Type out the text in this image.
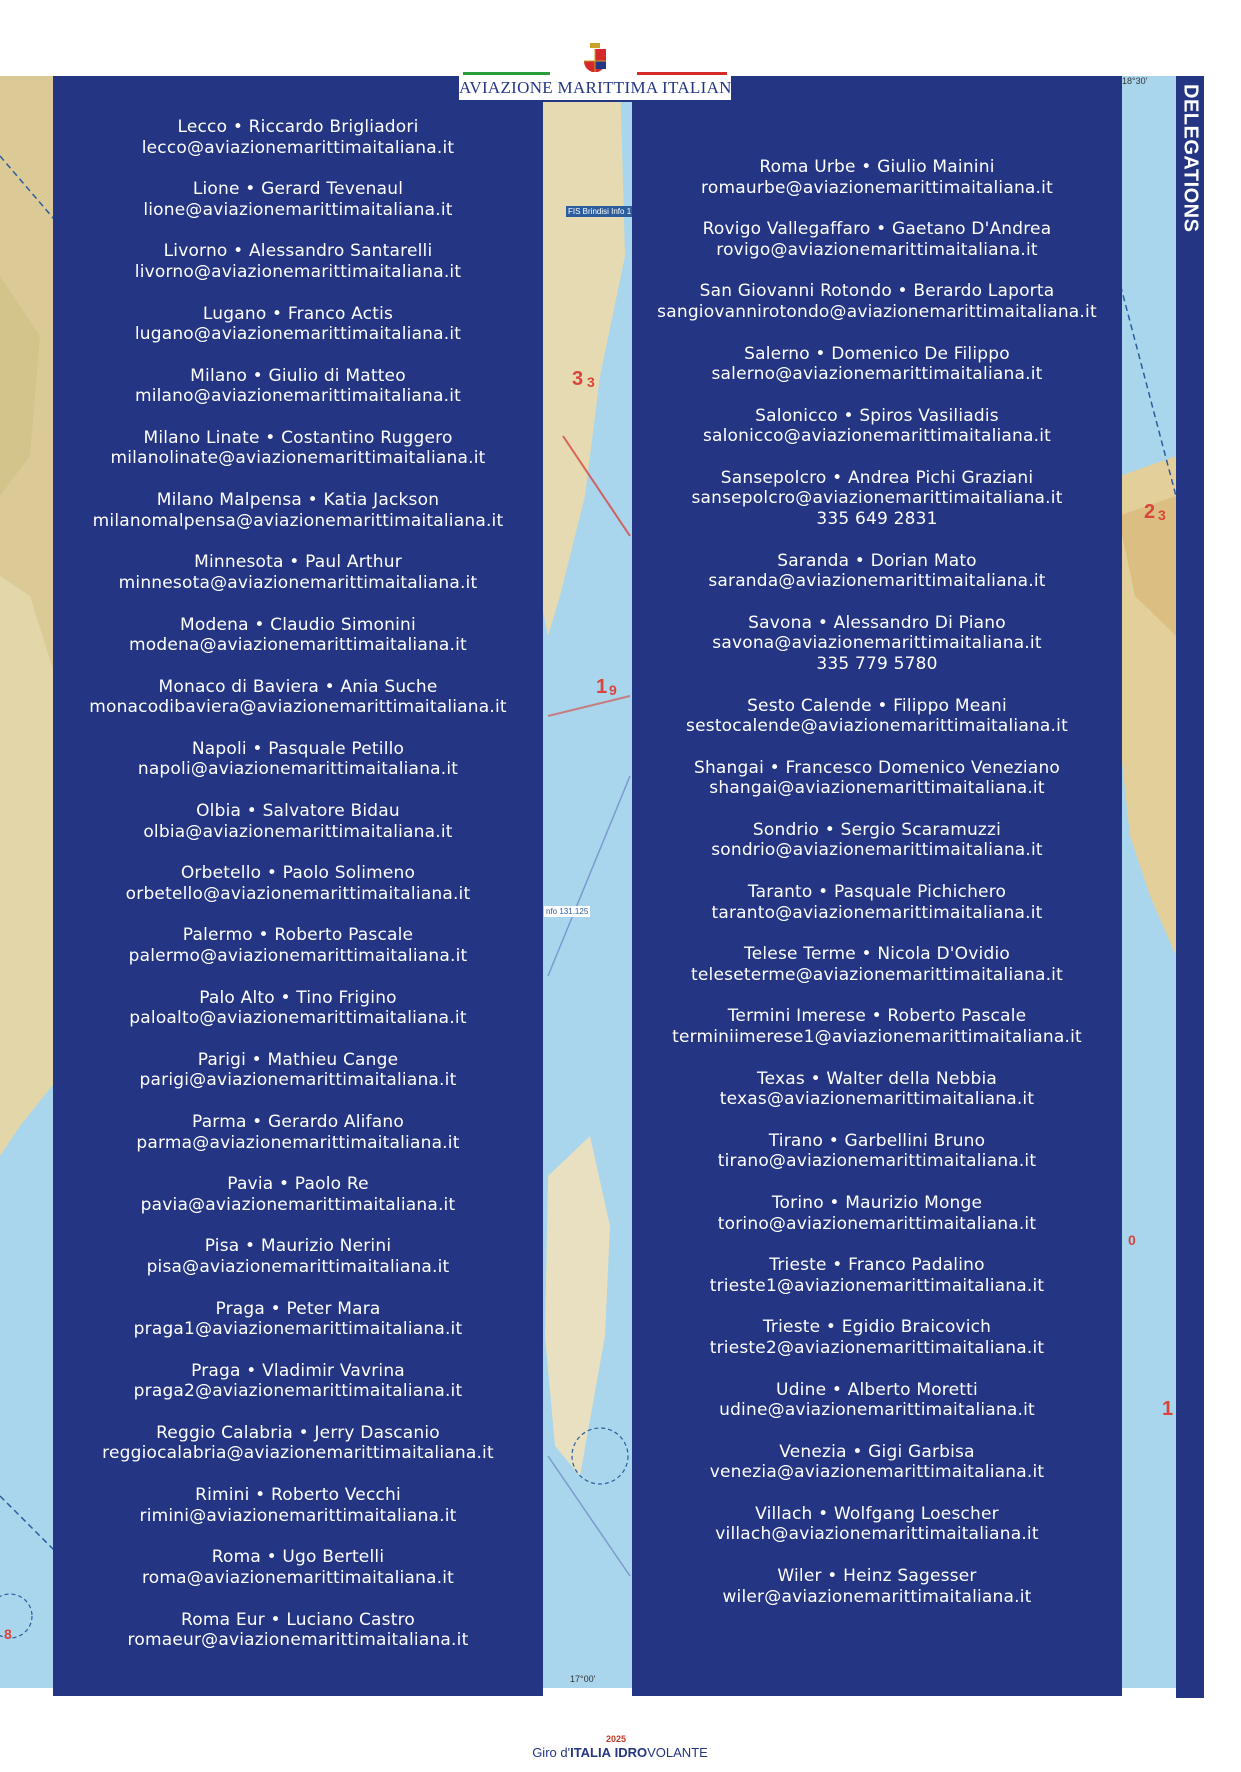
3 3
2 3
1 9
0
1
8
18°30'
17°00'
FIS Brindisi Info 1
nfo 131.125
Lecco • Riccardo Brigliadori
lecco@aviazionemarittimaitaliana.it
Lione • Gerard Tevenaul
lione@aviazionemarittimaitaliana.it
Livorno • Alessandro Santarelli
livorno@aviazionemarittimaitaliana.it
Lugano • Franco Actis
lugano@aviazionemarittimaitaliana.it
Milano • Giulio di Matteo
milano@aviazionemarittimaitaliana.it
Milano Linate • Costantino Ruggero
milanolinate@aviazionemarittimaitaliana.it
Milano Malpensa • Katia Jackson
milanomalpensa@aviazionemarittimaitaliana.it
Minnesota • Paul Arthur
minnesota@aviazionemarittimaitaliana.it
Modena • Claudio Simonini
modena@aviazionemarittimaitaliana.it
Monaco di Baviera • Ania Suche
monacodibaviera@aviazionemarittimaitaliana.it
Napoli • Pasquale Petillo
napoli@aviazionemarittimaitaliana.it
Olbia • Salvatore Bidau
olbia@aviazionemarittimaitaliana.it
Orbetello • Paolo Solimeno
orbetello@aviazionemarittimaitaliana.it
Palermo • Roberto Pascale
palermo@aviazionemarittimaitaliana.it
Palo Alto • Tino Frigino
paloalto@aviazionemarittimaitaliana.it
Parigi • Mathieu Cange
parigi@aviazionemarittimaitaliana.it
Parma • Gerardo Alifano
parma@aviazionemarittimaitaliana.it
Pavia • Paolo Re
pavia@aviazionemarittimaitaliana.it
Pisa • Maurizio Nerini
pisa@aviazionemarittimaitaliana.it
Praga • Peter Mara
praga1@aviazionemarittimaitaliana.it
Praga • Vladimir Vavrina
praga2@aviazionemarittimaitaliana.it
Reggio Calabria • Jerry Dascanio
reggiocalabria@aviazionemarittimaitaliana.it
Rimini • Roberto Vecchi
rimini@aviazionemarittimaitaliana.it
Roma • Ugo Bertelli
roma@aviazionemarittimaitaliana.it
Roma Eur • Luciano Castro
romaeur@aviazionemarittimaitaliana.it
Roma Urbe • Giulio Mainini
romaurbe@aviazionemarittimaitaliana.it
Rovigo Vallegaffaro • Gaetano D'Andrea
rovigo@aviazionemarittimaitaliana.it
San Giovanni Rotondo • Berardo Laporta
sangiovannirotondo@aviazionemarittimaitaliana.it
Salerno • Domenico De Filippo
salerno@aviazionemarittimaitaliana.it
Salonicco • Spiros Vasiliadis
salonicco@aviazionemarittimaitaliana.it
Sansepolcro • Andrea Pichi Graziani
sansepolcro@aviazionemarittimaitaliana.it
335 649 2831
Saranda • Dorian Mato
saranda@aviazionemarittimaitaliana.it
Savona • Alessandro Di Piano
savona@aviazionemarittimaitaliana.it
335 779 5780
Sesto Calende • Filippo Meani
sestocalende@aviazionemarittimaitaliana.it
Shangai • Francesco Domenico Veneziano
shangai@aviazionemarittimaitaliana.it
Sondrio • Sergio Scaramuzzi
sondrio@aviazionemarittimaitaliana.it
Taranto • Pasquale Pichichero
taranto@aviazionemarittimaitaliana.it
Telese Terme • Nicola D'Ovidio
teleseterme@aviazionemarittimaitaliana.it
Termini Imerese • Roberto Pascale
terminiimerese1@aviazionemarittimaitaliana.it
Texas • Walter della Nebbia
texas@aviazionemarittimaitaliana.it
Tirano • Garbellini Bruno
tirano@aviazionemarittimaitaliana.it
Torino • Maurizio Monge
torino@aviazionemarittimaitaliana.it
Trieste • Franco Padalino
trieste1@aviazionemarittimaitaliana.it
Trieste • Egidio Braicovich
trieste2@aviazionemarittimaitaliana.it
Udine • Alberto Moretti
udine@aviazionemarittimaitaliana.it
Venezia • Gigi Garbisa
venezia@aviazionemarittimaitaliana.it
Villach • Wolfgang Loescher
villach@aviazionemarittimaitaliana.it
Wiler • Heinz Sagesser
wiler@aviazionemarittimaitaliana.it
DELEGATIONS
AVIAZIONE MARITTIMA ITALIANA
2025
Giro d'ITALIA IDROVOLANTE
